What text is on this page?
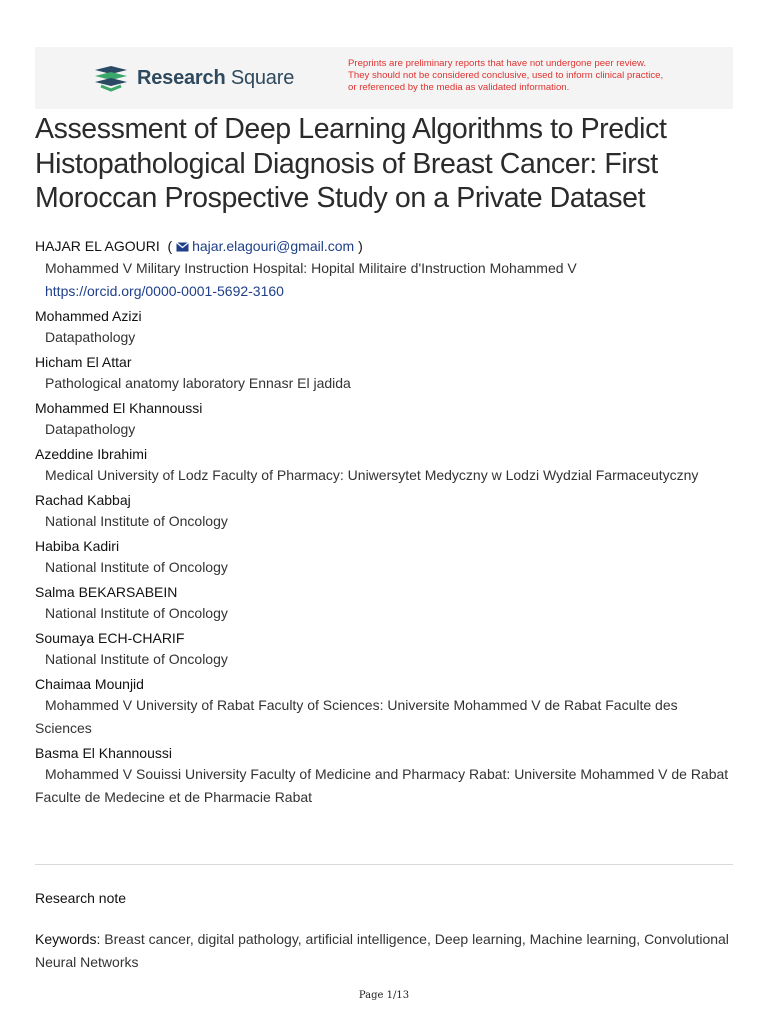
Research Square
Preprints are preliminary reports that have not undergone peer review.
They should not be considered conclusive, used to inform clinical practice,
or referenced by the media as validated information.
Assessment of Deep Learning Algorithms to Predict Histopathological Diagnosis of Breast Cancer: First Moroccan Prospective Study on a Private Dataset
HAJAR EL AGOURI ( hajar.elagouri@gmail.com )
Mohammed V Military Instruction Hospital: Hopital Militaire d'Instruction Mohammed V
https://orcid.org/0000-0001-5692-3160
Mohammed Azizi
Datapathology
Hicham El Attar
Pathological anatomy laboratory Ennasr El jadida
Mohammed El Khannoussi
Datapathology
Azeddine Ibrahimi
Medical University of Lodz Faculty of Pharmacy: Uniwersytet Medyczny w Lodzi Wydzial Farmaceutyczny
Rachad Kabbaj
National Institute of Oncology
Habiba Kadiri
National Institute of Oncology
Salma BEKARSABEIN
National Institute of Oncology
Soumaya ECH-CHARIF
National Institute of Oncology
Chaimaa Mounjid
Mohammed V University of Rabat Faculty of Sciences: Universite Mohammed V de Rabat Faculte des Sciences
Basma El Khannoussi
Mohammed V Souissi University Faculty of Medicine and Pharmacy Rabat: Universite Mohammed V de Rabat Faculte de Medecine et de Pharmacie Rabat
Research note
Keywords: Breast cancer, digital pathology, artificial intelligence, Deep learning, Machine learning, Convolutional Neural Networks
Page 1/13
